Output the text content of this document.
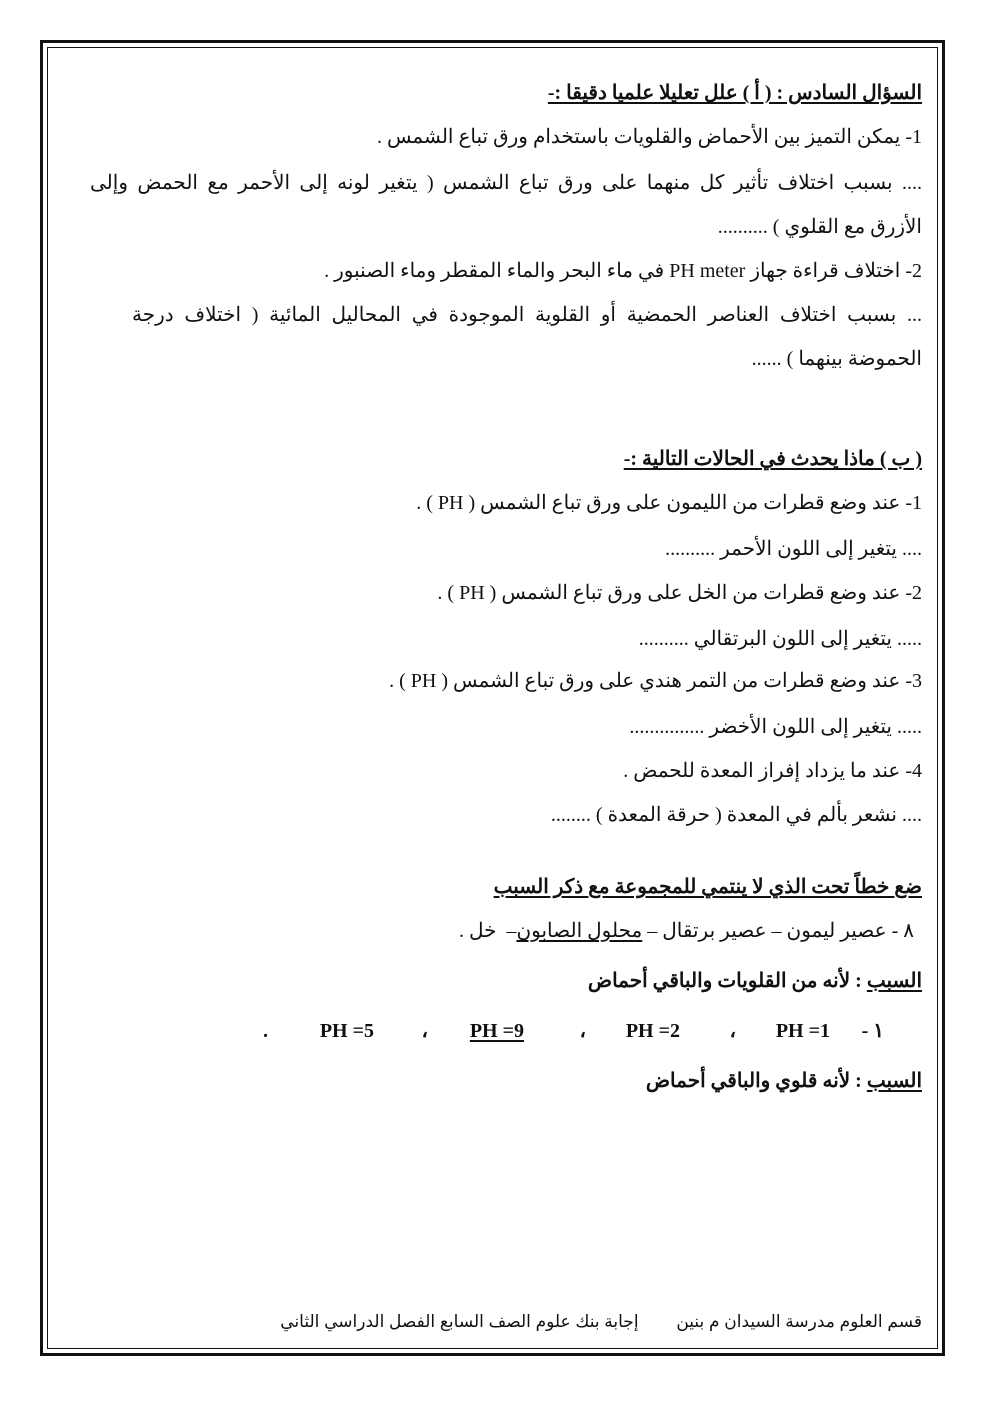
السؤال السادس : ( أ ) علل تعليلا علميا دقيقا :-
1- يمكن التميز بين الأحماض والقلويات باستخدام ورق تباع الشمس .
.... بسبب اختلاف تأثير كل منهما على ورق تباع الشمس ( يتغير لونه إلى الأحمر مع الحمض وإلى
الأزرق مع القلوي ) ..........
2- اختلاف قراءة جهاز PH meter في ماء البحر والماء المقطر وماء الصنبور .
... بسبب اختلاف العناصر الحمضية أو القلوية الموجودة في المحاليل المائية ( اختلاف درجة
الحموضة بينهما ) ......
( ب ) ماذا يحدث في الحالات التالية :-
1- عند وضع قطرات من الليمون على ورق تباع الشمس ( PH ) .
.... يتغير إلى اللون الأحمر ..........
2- عند وضع قطرات من الخل على ورق تباع الشمس ( PH ) .
..... يتغير إلى اللون البرتقالي ..........
3- عند وضع قطرات من التمر هندي على ورق تباع الشمس ( PH ) .
..... يتغير إلى اللون الأخضر ...............
4- عند ما يزداد إفراز المعدة للحمض .
.... نشعر بألم في المعدة ( حرقة المعدة ) ........
ضع خطاً تحت الذي لا ينتمي للمجموعة مع ذكر السبب
٨ - عصير ليمون – عصير برتقال – محلول الصابون–  خل .
السبب : لأنه من القلويات والباقي أحماض
١ -
PH =1
،
PH =2
،
PH =9
،
PH =5
.
السبب : لأنه قلوي والباقي أحماض
قسم العلوم مدرسة السيدان م بنين        إجابة بنك علوم الصف السابع الفصل الدراسي الثاني
